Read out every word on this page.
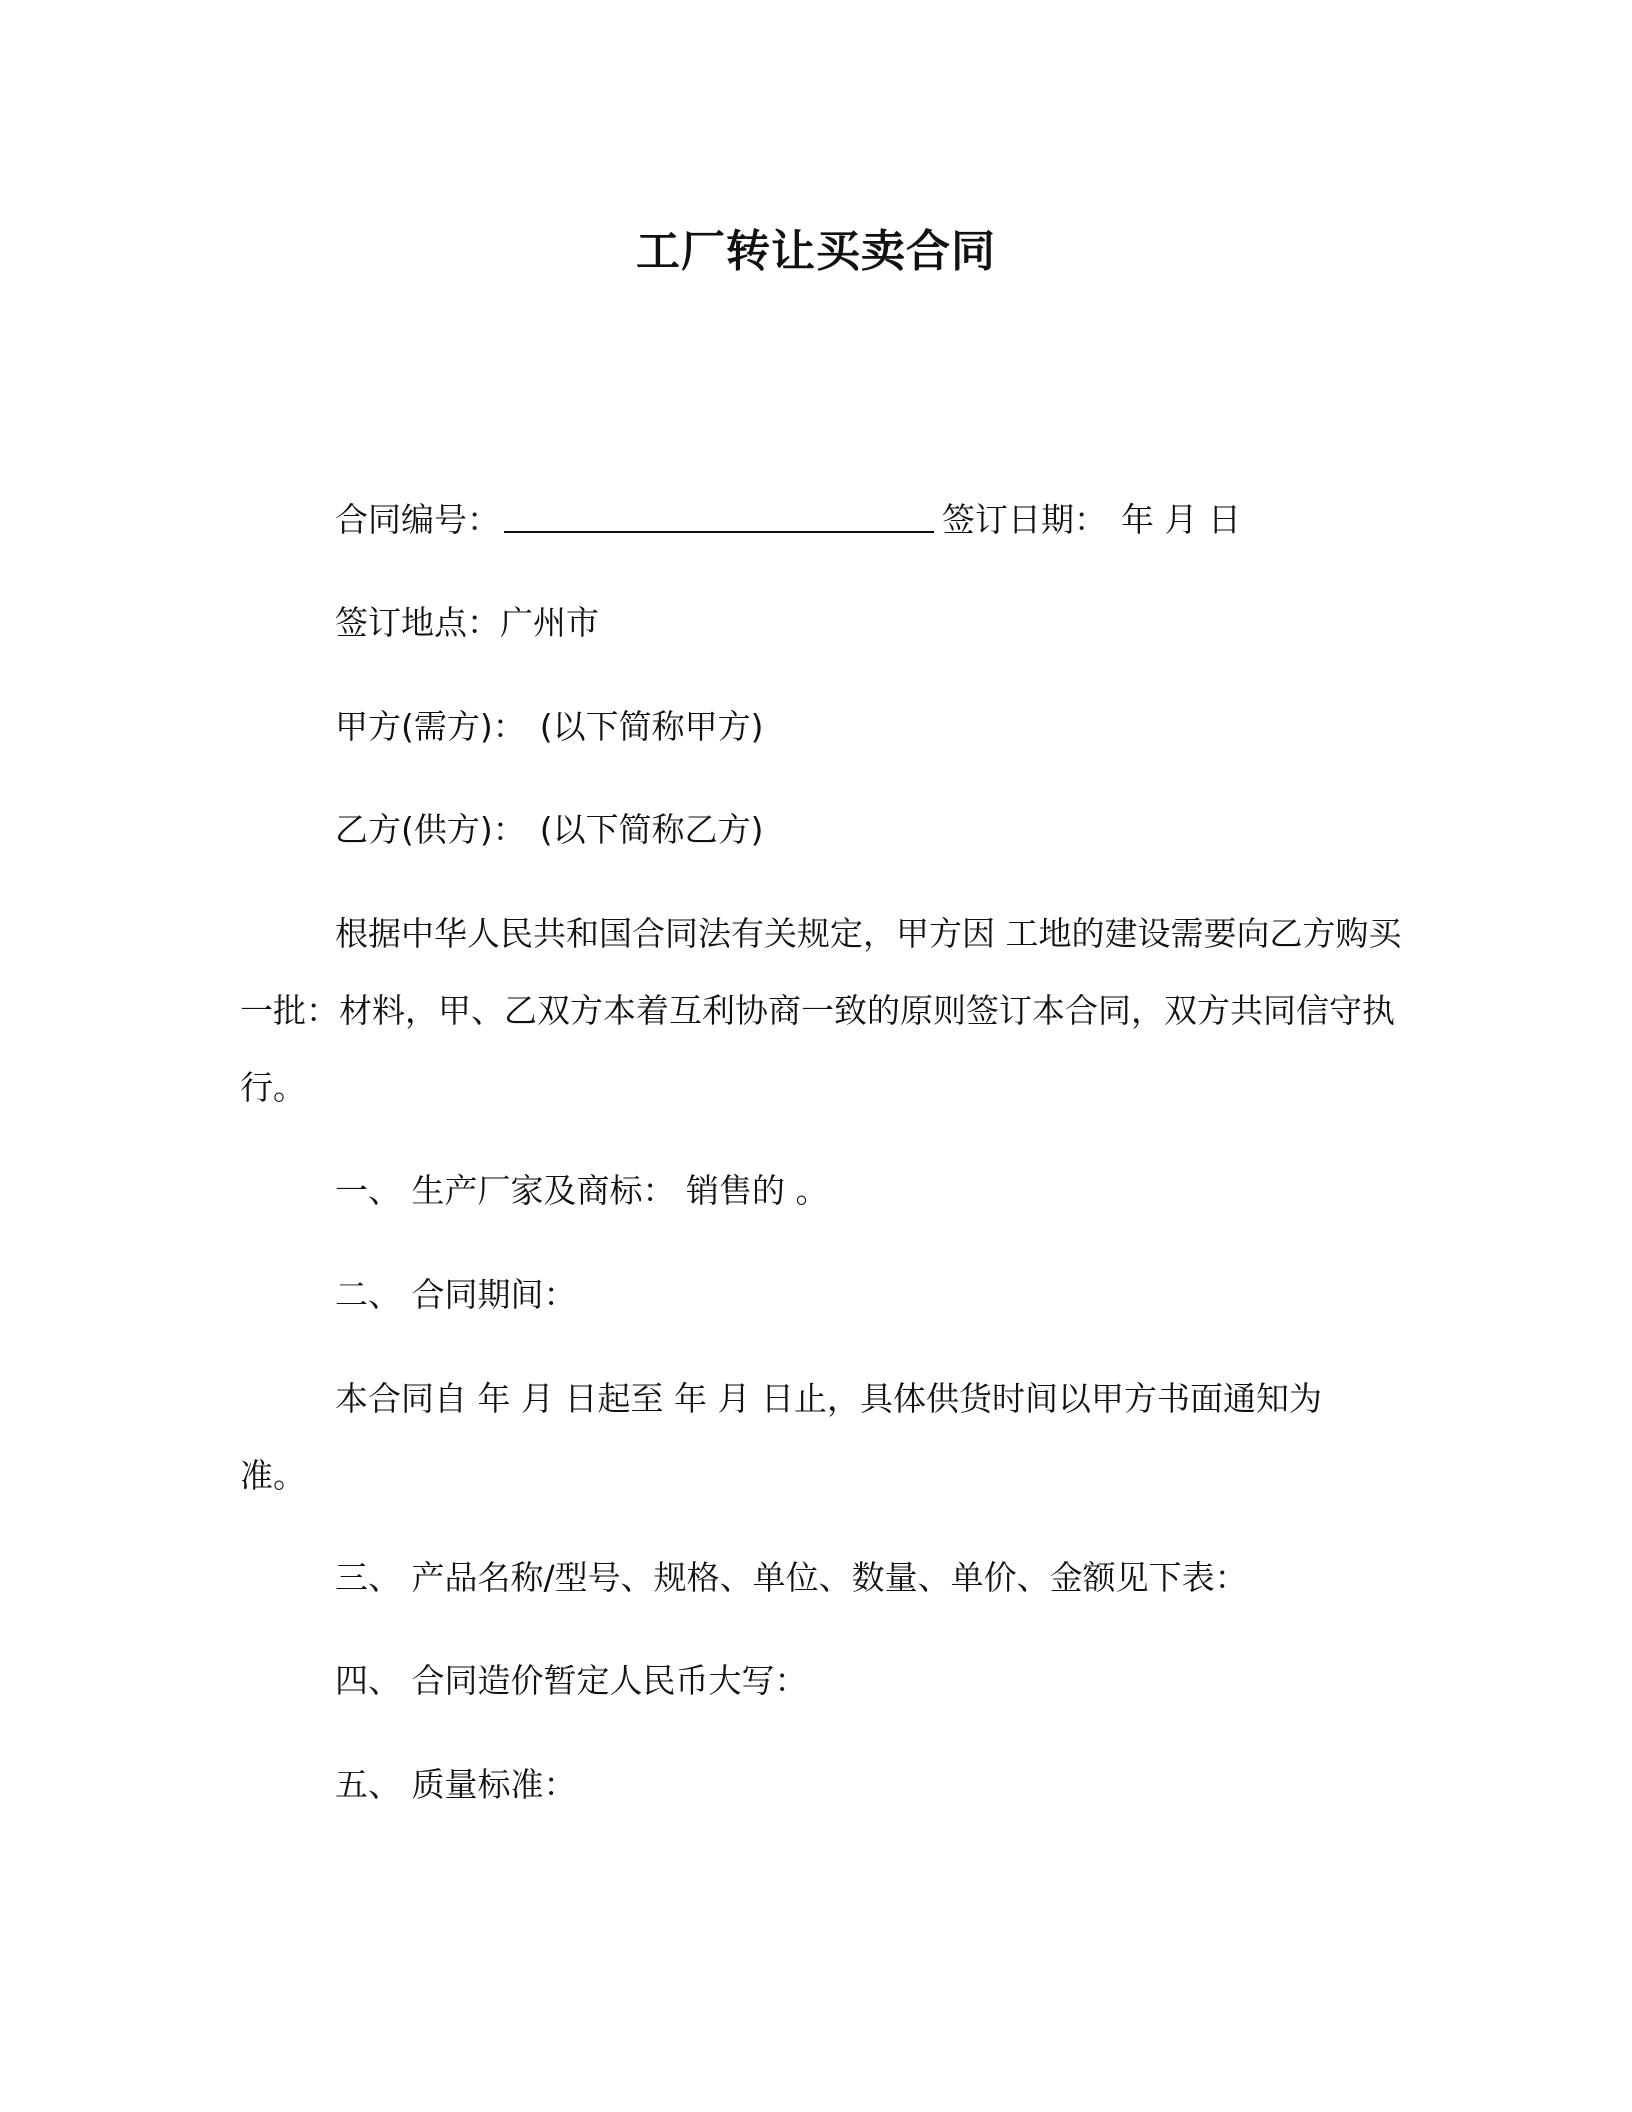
工厂转让买卖合同
合同编号：	签订日期： 年 月 日
签订地点：广州市
甲方(需方)： (以下简称甲方)
乙方(供方)： (以下简称乙方)
根据中华人民共和国合同法有关规定，甲方因 工地的建设需要向乙方购买一批：材料，甲、乙双方本着互利协商一致的原则签订本合同，双方共同信守执行。
一、 生产厂家及商标： 销售的 。
二、 合同期间：
本合同自 年 月 日起至 年 月 日止，具体供货时间以甲方书面通知为准。
三、 产品名称/型号、规格、单位、数量、单价、金额见下表：
四、 合同造价暂定人民币大写：
五、 质量标准：
